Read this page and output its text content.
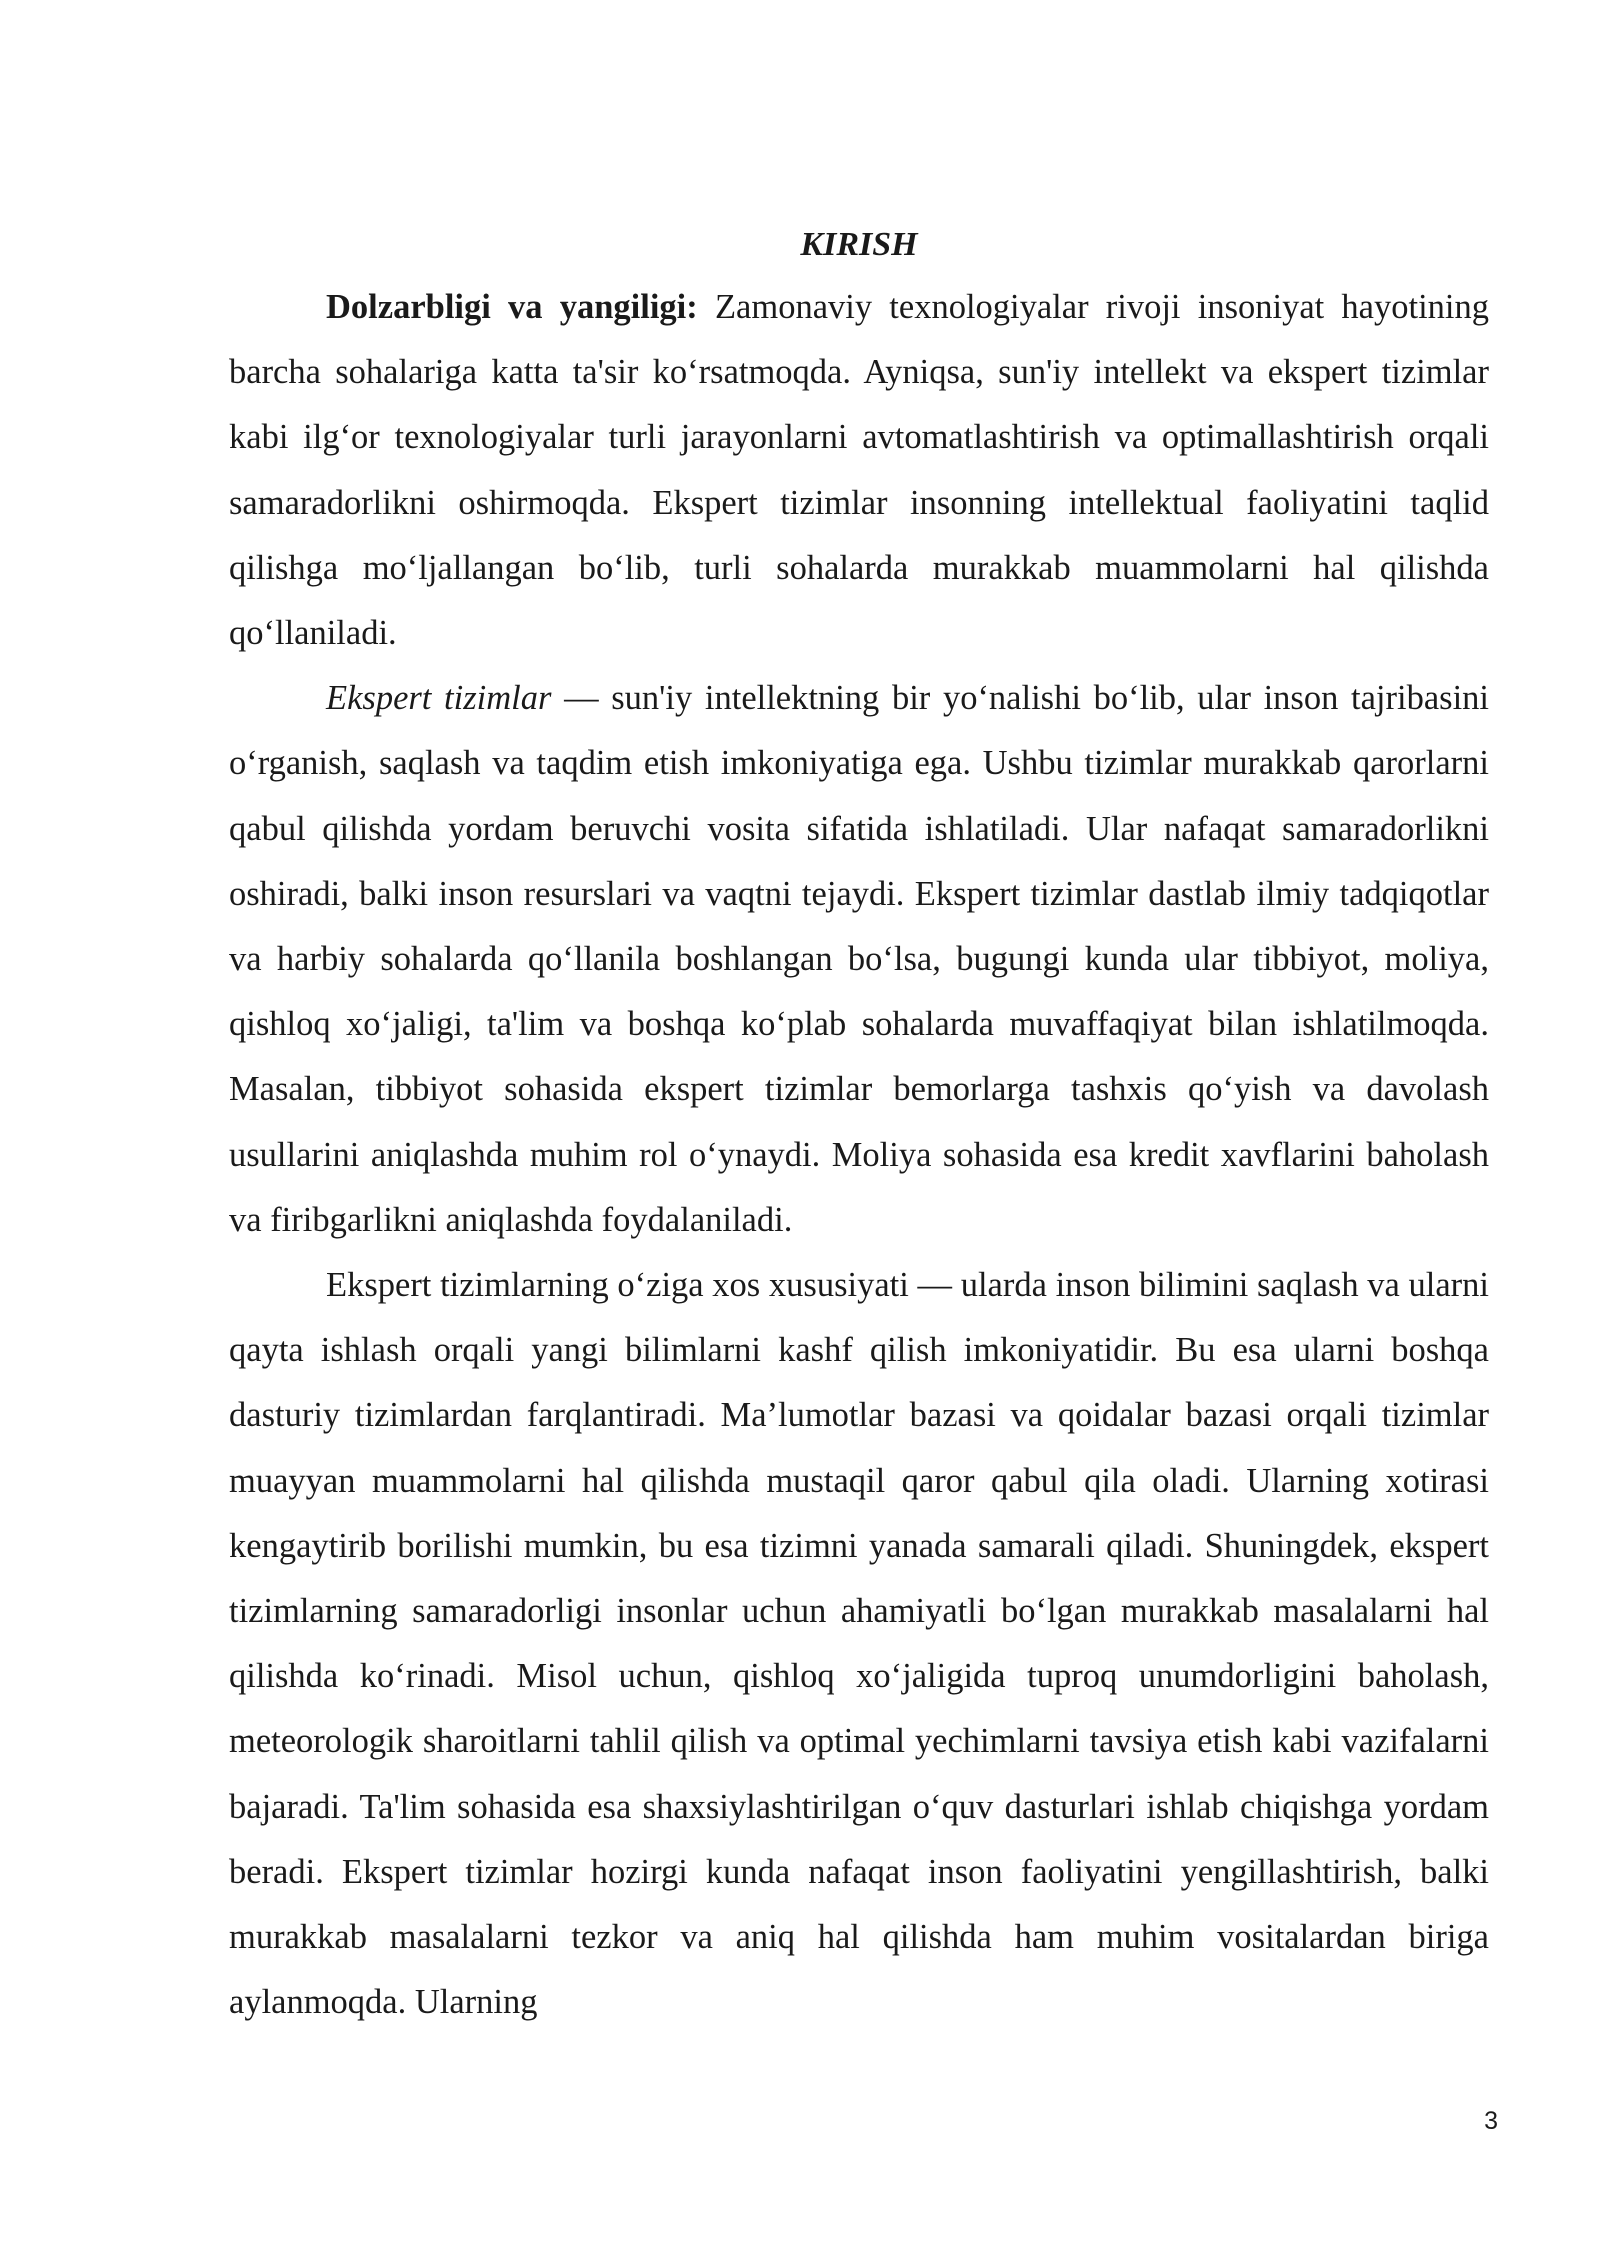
KIRISH

Dolzarbligi va yangiligi: Zamonaviy texnologiyalar rivoji insoniyat hayotining barcha sohalariga katta ta'sir ko‘rsatmoqda. Ayniqsa, sun'iy intellekt va ekspert tizimlar kabi ilg‘or texnologiyalar turli jarayonlarni avtomatlashtirish va optimallashtirish orqali samaradorlikni oshirmoqda. Ekspert tizimlar insonning intellektual faoliyatini taqlid qilishga mo‘ljallangan bo‘lib, turli sohalarda murakkab muammolarni hal qilishda qo‘llaniladi.

Ekspert tizimlar — sun'iy intellektning bir yo‘nalishi bo‘lib, ular inson tajribasini o‘rganish, saqlash va taqdim etish imkoniyatiga ega. Ushbu tizimlar murakkab qarorlarni qabul qilishda yordam beruvchi vosita sifatida ishlatiladi. Ular nafaqat samaradorlikni oshiradi, balki inson resurslari va vaqtni tejaydi. Ekspert tizimlar dastlab ilmiy tadqiqotlar va harbiy sohalarda qo‘llanila boshlangan bo‘lsa, bugungi kunda ular tibbiyot, moliya, qishloq xo‘jaligi, ta'lim va boshqa ko‘plab sohalarda muvaffaqiyat bilan ishlatilmoqda. Masalan, tibbiyot sohasida ekspert tizimlar bemorlarga tashxis qo‘yish va davolash usullarini aniqlashda muhim rol o‘ynaydi. Moliya sohasida esa kredit xavflarini baholash va firibgarlikni aniqlashda foydalaniladi.

Ekspert tizimlarning o‘ziga xos xususiyati — ularda inson bilimini saqlash va ularni qayta ishlash orqali yangi bilimlarni kashf qilish imkoniyatidir. Bu esa ularni boshqa dasturiy tizimlardan farqlantiradi. Ma’lumotlar bazasi va qoidalar bazasi orqali tizimlar muayyan muammolarni hal qilishda mustaqil qaror qabul qila oladi. Ularning xotirasi kengaytirib borilishi mumkin, bu esa tizimni yanada samarali qiladi. Shuningdek, ekspert tizimlarning samaradorligi insonlar uchun ahamiyatli bo‘lgan murakkab masalalarni hal qilishda ko‘rinadi. Misol uchun, qishloq xo‘jaligida tuproq unumdorligini baholash, meteorologik sharoitlarni tahlil qilish va optimal yechimlarni tavsiya etish kabi vazifalarni bajaradi. Ta'lim sohasida esa shaxsiylashtirilgan o‘quv dasturlari ishlab chiqishga yordam beradi. Ekspert tizimlar hozirgi kunda nafaqat inson faoliyatini yengillashtirish, balki murakkab masalalarni tezkor va aniq hal qilishda ham muhim vositalardan biriga aylanmoqda. Ularning

3
